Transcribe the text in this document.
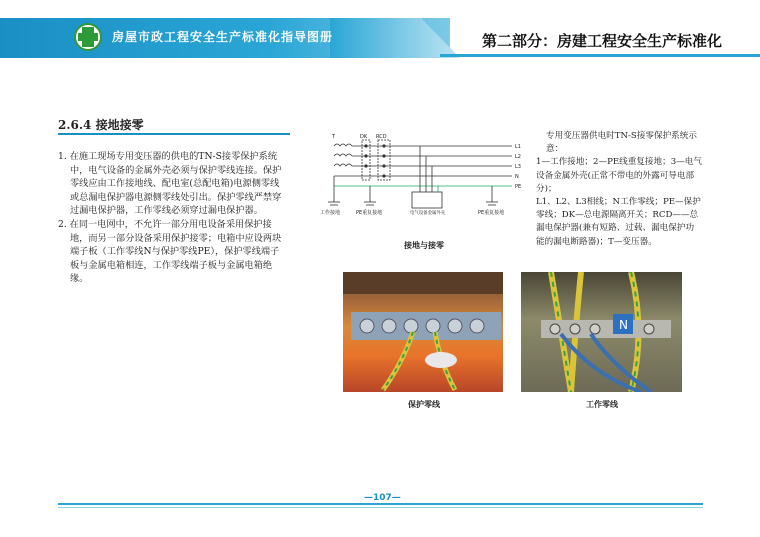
房屋市政工程安全生产标准化指导图册	第二部分：房建工程安全生产标准化
2.6.4 接地接零

1. 在施工现场专用变压器的供电的TN-S接零保护系统中，电气设备的金属外壳必须与保护零线连接。保护零线应由工作接地线、配电室(总配电箱)电源侧零线或总漏电保护器电源侧零线处引出。保护零线严禁穿过漏电保护器，工作零线必须穿过漏电保护器。

2. 在同一电网中，不允许一部分用电设备采用保护接地，而另一部分设备采用保护接零；电箱中应设两块端子板（工作零线N与保护零线PE），保护零线端子板与金属电箱相连，工作零线端子板与金属电箱绝缘。

T	DK RCD
L1
L2
L3
N
PE
工作接地	PE重复接地	电气设备金属外壳	PE重复接地
接地与接零

专用变压器供电时TN-S接零保护系统示意：

1—工作接地；2—PE线重复接地；3—电气设备金属外壳(正常不带电的外露可导电部分)；

L1、L2、L3相线；N工作零线；PE—保护零线；DK—总电源隔离开关；RCD——总漏电保护器(兼有短路、过载、漏电保护功能的漏电断路器)；T—变压器。

保护零线
N
工作零线
—107—
